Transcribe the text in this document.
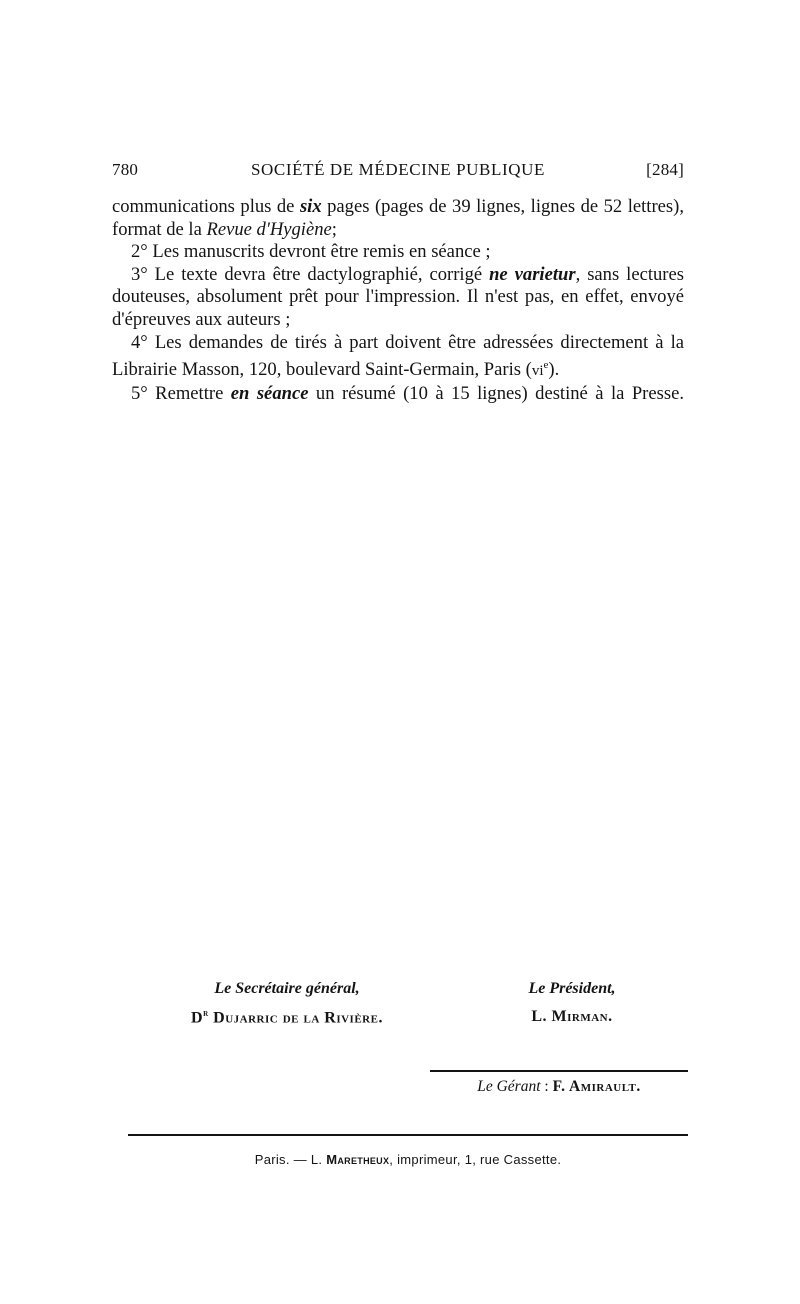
780	SOCIÉTÉ DE MÉDECINE PUBLIQUE	[284]

communications plus de six pages (pages de 39 lignes, lignes de 52 lettres), format de la Revue d'Hygiène;

2° Les manuscrits devront être remis en séance ;

3° Le texte devra être dactylographié, corrigé ne varietur, sans lectures douteuses, absolument prêt pour l'impression. Il n'est pas, en effet, envoyé d'épreuves aux auteurs ;

4° Les demandes de tirés à part doivent être adressées directement à la Librairie Masson, 120, boulevard Saint-Germain, Paris $(vi^e)$.

5° Remettre en séance un résumé (10 à 15 lignes) destiné à la Presse.

Le Secrétaire général,
$D^r$ Dujarric de la Rivière.
Le Président,
L. Mirman.
Le Gérant : F. Amirault.
Paris. — L. Maretheux, imprimeur, 1, rue Cassette.
